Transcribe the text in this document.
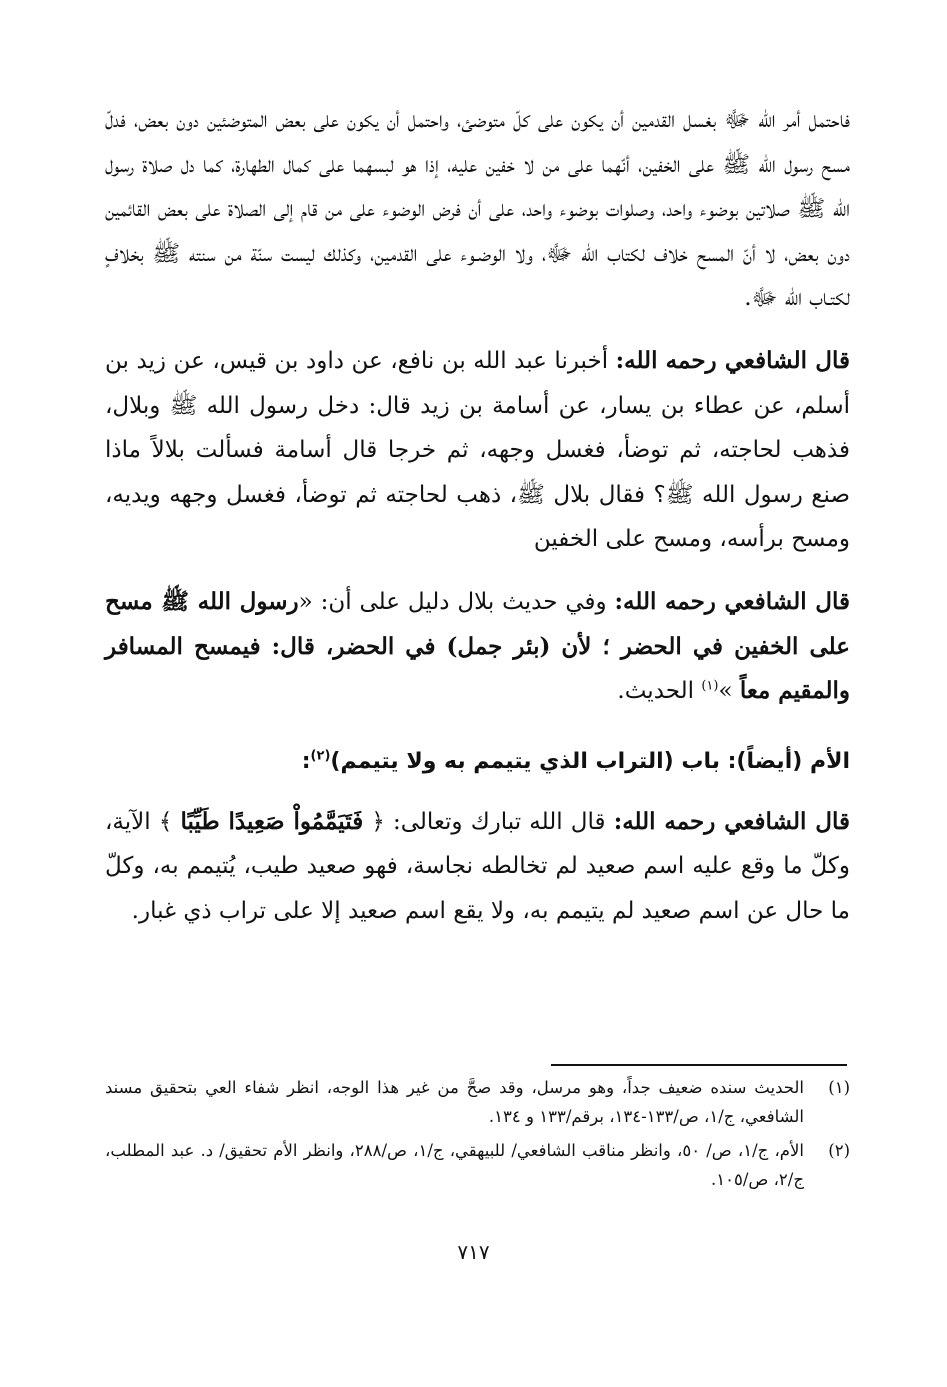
فاحتمل أمر الله ﷻ بغسل القدمين أن يكون على كلّ متوضئ، واحتمل أن يكون على بعض المتوضئين دون بعض، فدلّ مسح رسول الله ﷺ على الخفين، أنّهما على من لا خفين عليه، إذا هو لبسهما على كمال الطهارة، كما دل صلاة رسول الله ﷺ صلاتين بوضوء واحد، وصلوات بوضوء واحد، على أن فرض الوضوء على من قام إلى الصلاة على بعض القائمين دون بعض، لا أنّ المسح خلاف لكتاب الله ﷻ، ولا الوضـوء على القدمين، وكذلك ليست سنّة من سنته ﷺ بخلافٍ لكتـاب الله ﷻ.

قال الشافعي رحمه الله: أخبرنا عبد الله بن نافع، عن داود بن قيس، عن زيد بن أسلم، عن عطاء بن يسار، عن أسامة بن زيد قال: دخل رسول الله ﷺ وبلال، فذهب لحاجته، ثم توضأ، فغسل وجهه، ثم خرجا قال أسامة فسألت بلالاً ماذا صنع رسول الله ﷺ؟ فقال بلال ﷺ، ذهب لحاجته ثم توضأ، فغسل وجهه ويديه، ومسح برأسه، ومسح على الخفين

قال الشافعي رحمه الله: وفي حديث بلال دليل على أن: «رسول الله ﷺ مسح على الخفين في الحضر ؛ لأن (بئر جمل) في الحضر، قال: فيمسح المسافر والمقيم معاً »$^{(١)}$ الحديث.

الأم (أيضاً): باب (التراب الذي يتيمم به ولا يتيمم)$^{(٢)}$:

قال الشافعي رحمه الله: قال الله تبارك وتعالى: ﴿ فَتَيَمَّمُواْ صَعِيدًا طَيِّبًا ﴾ الآية، وكلّ ما وقع عليه اسم صعيد لم تخالطه نجاسة، فهو صعيد طيب، يُتيمم به، وكلّ ما حال عن اسم صعيد لم يتيمم به، ولا يقع اسم صعيد إلا على تراب ذي غبار.

(١)
الحديث سنده ضعيف جداً، وهو مرسل، وقد صحَّ من غير هذا الوجه، انظر شفاء العي بتحقيق مسند الشافعي، ج/١، ص/١٣٣-١٣٤، برقم/١٣٣ و ١٣٤.
(٢)
الأم، ج/١، ص/ ٥٠، وانظر مناقب الشافعي/ للبيهقي، ج/١، ص/٢٨٨، وانظر الأم تحقيق/ د. عبد المطلب، ج/٢، ص/١٠٥.
٧١٧
